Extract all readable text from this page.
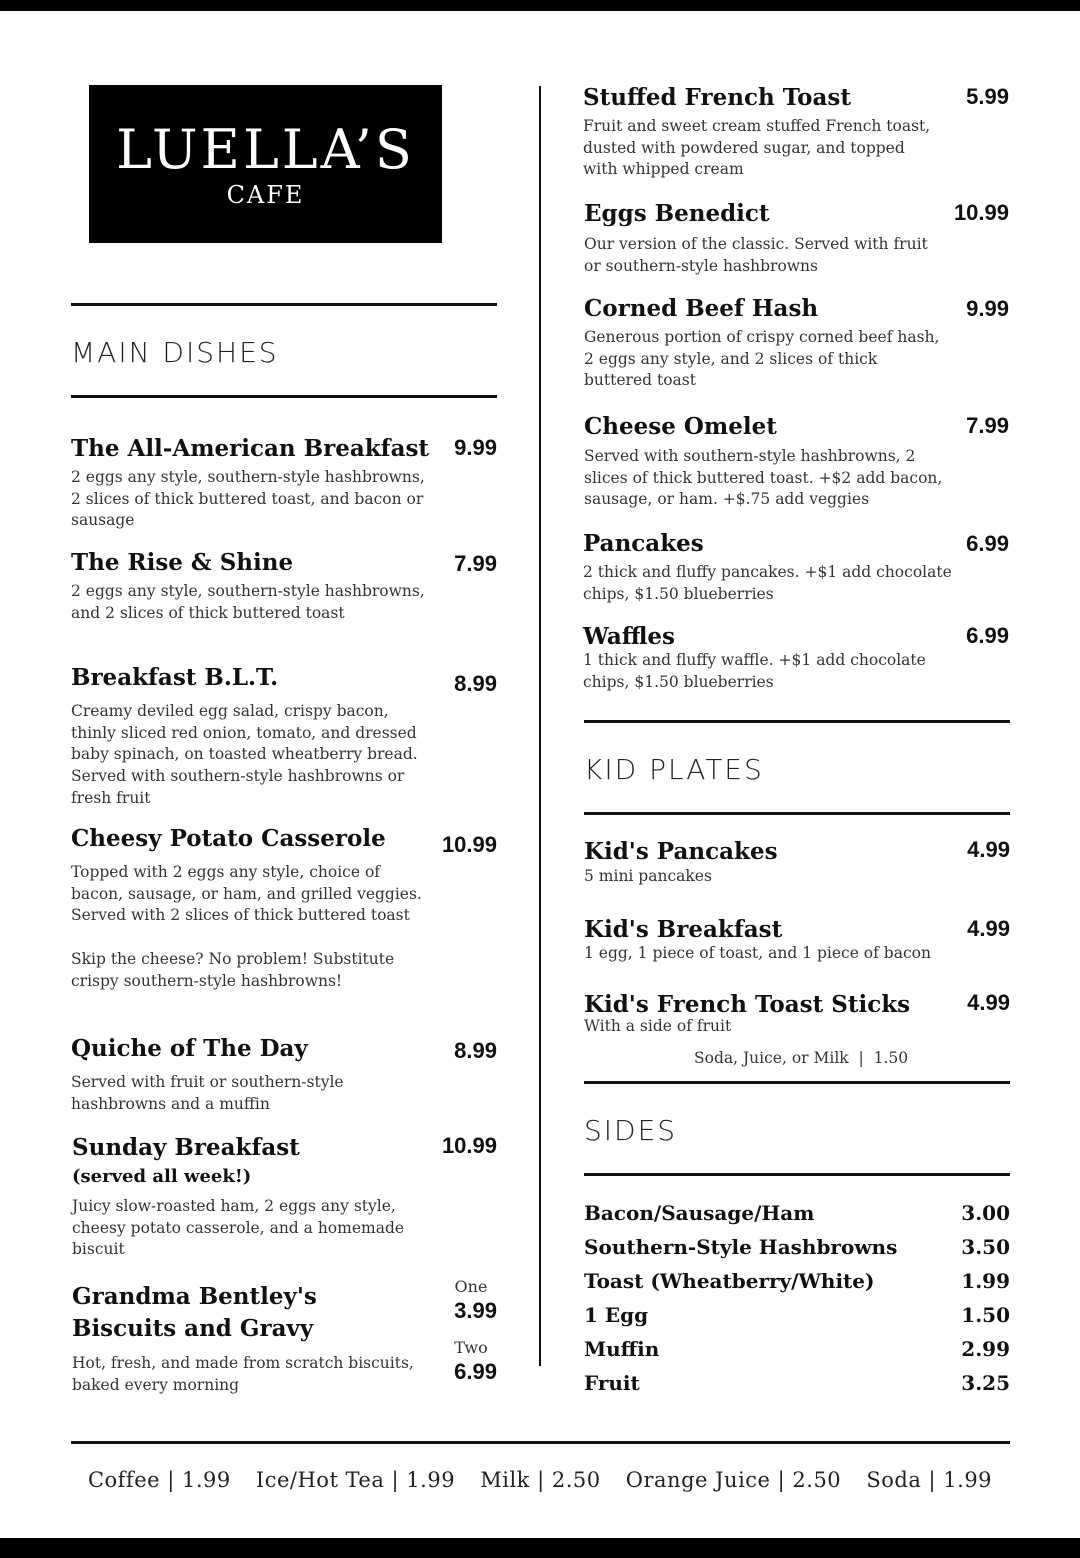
LUELLA’S
CAFE
MAIN DISHES
The All-American Breakfast
2 eggs any style, southern-style hashbrowns, 2 slices of thick buttered toast, and bacon or sausage
9.99
The Rise & Shine
2 eggs any style, southern-style hashbrowns, and 2 slices of thick buttered toast
7.99
Breakfast B.L.T.
Creamy deviled egg salad, crispy bacon, thinly sliced red onion, tomato, and dressed baby spinach, on toasted wheatberry bread. Served with southern-style hashbrowns or fresh fruit
8.99
Cheesy Potato Casserole
Topped with 2 eggs any style, choice of bacon, sausage, or ham, and grilled veggies. Served with 2 slices of thick buttered toast
Skip the cheese? No problem! Substitute crispy southern-style hashbrowns!
10.99
Quiche of The Day
Served with fruit or southern-style hashbrowns and a muffin
8.99
Sunday Breakfast
(served all week!)
Juicy slow-roasted ham, 2 eggs any style, cheesy potato casserole, and a homemade biscuit
10.99
Grandma Bentley's
Biscuits and Gravy
Hot, fresh, and made from scratch biscuits, baked every morning
One
3.99
Two
6.99
Stuffed French Toast
Fruit and sweet cream stuffed French toast, dusted with powdered sugar, and topped with whipped cream
5.99
Eggs Benedict
Our version of the classic. Served with fruit or southern-style hashbrowns
10.99
Corned Beef Hash
Generous portion of crispy corned beef hash, 2 eggs any style, and 2 slices of thick buttered toast
9.99
Cheese Omelet
Served with southern-style hashbrowns, 2 slices of thick buttered toast. +$2 add bacon, sausage, or ham. +$.75 add veggies
7.99
Pancakes
2 thick and fluffy pancakes. +$1 add chocolate chips, $1.50 blueberries
6.99
Waffles
1 thick and fluffy waffle. +$1 add chocolate chips, $1.50 blueberries
6.99
KID PLATES
Kid's Pancakes
5 mini pancakes
4.99
Kid's Breakfast
1 egg, 1 piece of toast, and 1 piece of bacon
4.99
Kid's French Toast Sticks
With a side of fruit
4.99
Soda, Juice, or Milk  |  1.50
SIDES
Bacon/Sausage/Ham	3.00
Southern-Style Hashbrowns	3.50
Toast (Wheatberry/White)	1.99
1 Egg	1.50
Muffin	2.99
Fruit	3.25
Coffee | 1.99 Ice/Hot Tea | 1.99 Milk | 2.50 Orange Juice | 2.50 Soda | 1.99
